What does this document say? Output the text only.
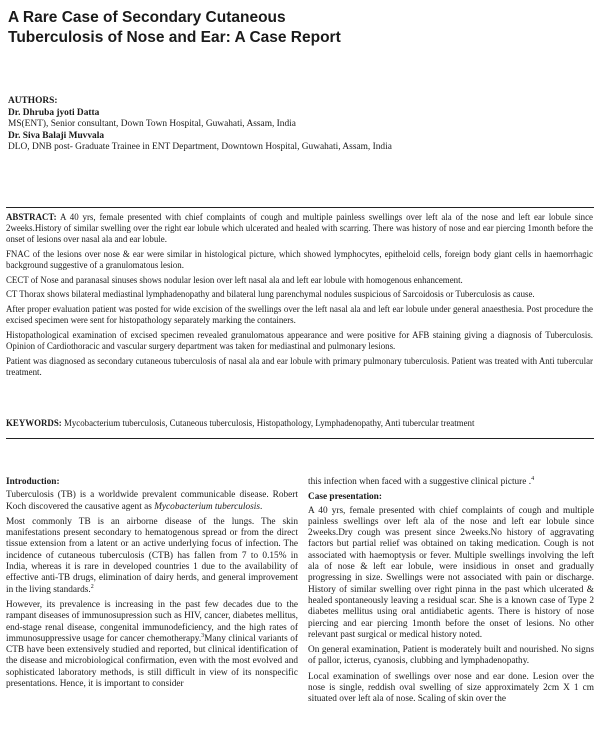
A Rare Case of Secondary Cutaneous
Tuberculosis of Nose and Ear: A Case Report
AUTHORS:
Dr. Dhruba jyoti Datta
MS(ENT), Senior consultant, Down Town Hospital, Guwahati, Assam, India
Dr. Siva Balaji Muvvala
DLO, DNB post- Graduate Trainee in ENT Department, Downtown Hospital, Guwahati, Assam, India

ABSTRACT: A 40 yrs, female presented with chief complaints of cough and multiple painless swellings over left ala of the nose and left ear lobule since 2weeks.History of similar swelling over the right ear lobule which ulcerated and healed with scarring. There was history of nose and ear piercing 1month before the onset of lesions over nasal ala and ear lobule.

FNAC of the lesions over nose & ear were similar in histological picture, which showed lymphocytes, epitheloid cells, foreign body giant cells in haemorrhagic background suggestive of a granulomatous lesion.

CECT of Nose and paranasal sinuses shows nodular lesion over left nasal ala and left ear lobule with homogenous enhancement.

CT Thorax shows bilateral mediastinal lymphadenopathy and bilateral lung parenchymal nodules suspicious of Sarcoidosis or Tuberculosis as cause.

After proper evaluation patient was posted for wide excision of the swellings over the left nasal ala and left ear lobule under general anaesthesia. Post procedure the excised specimen were sent for histopathology separately marking the containers.

Histopathological examination of excised specimen revealed granulomatous appearance and were positive for AFB staining giving a diagnosis of Tuberculosis. Opinion of Cardiothoracic and vascular surgery department was taken for mediastinal and pulmonary lesions.

Patient was diagnosed as secondary cutaneous tuberculosis of nasal ala and ear lobule with primary pulmonary tuberculosis. Patient was treated with Anti tubercular treatment.

KEYWORDS: Mycobacterium tuberculosis, Cutaneous tuberculosis, Histopathology, Lymphadenopathy, Anti tubercular treatment

Introduction:

Tuberculosis (TB) is a worldwide prevalent communicable disease. Robert Koch discovered the causative agent as Mycobacterium tuberculosis.

Most commonly TB is an airborne disease of the lungs. The skin manifestations present secondary to hematogenous spread or from the direct tissue extension from a latent or an active underlying focus of infection. The incidence of cutaneous tuberculosis (CTB) has fallen from 7 to 0.15% in India, whereas it is rare in developed countries 1 due to the availability of effective anti-TB drugs, elimination of dairy herds, and general improvement in the living standards.$^2$

However, its prevalence is increasing in the past few decades due to the rampant diseases of immunosupression such as HIV, cancer, diabetes mellitus, end-stage renal disease, congenital immunodeficiency, and the high rates of immunosuppressive usage for cancer chemotherapy.$^3$Many clinical variants of CTB have been extensively studied and reported, but clinical identification of the disease and microbiological confirmation, even with the most evolved and sophisticated laboratory methods, is still difficult in view of its nonspecific presentations. Hence, it is important to consider

this infection when faced with a suggestive clinical picture .$^4$

Case presentation:

A 40 yrs, female presented with chief complaints of cough and multiple painless swellings over left ala of the nose and left ear lobule since 2weeks.Dry cough was present since 2weeks.No history of aggravating factors but partial relief was obtained on taking medication. Cough is not associated with haemoptysis or fever. Multiple swellings involving the left ala of nose & left ear lobule, were insidious in onset and gradually progressing in size. Swellings were not associated with pain or discharge. History of similar swelling over right pinna in the past which ulcerated & healed spontaneously leaving a residual scar. She is a known case of Type 2 diabetes mellitus using oral antidiabetic agents. There is history of nose piercing and ear piercing 1month before the onset of lesions. No other relevant past surgical or medical history noted.

On general examination, Patient is moderately built and nourished. No signs of pallor, icterus, cyanosis, clubbing and lymphadenopathy.

Local examination of swellings over nose and ear done. Lesion over the nose is single, reddish oval swelling of size approximately 2cm X 1 cm situated over left ala of nose. Scaling of skin over the
